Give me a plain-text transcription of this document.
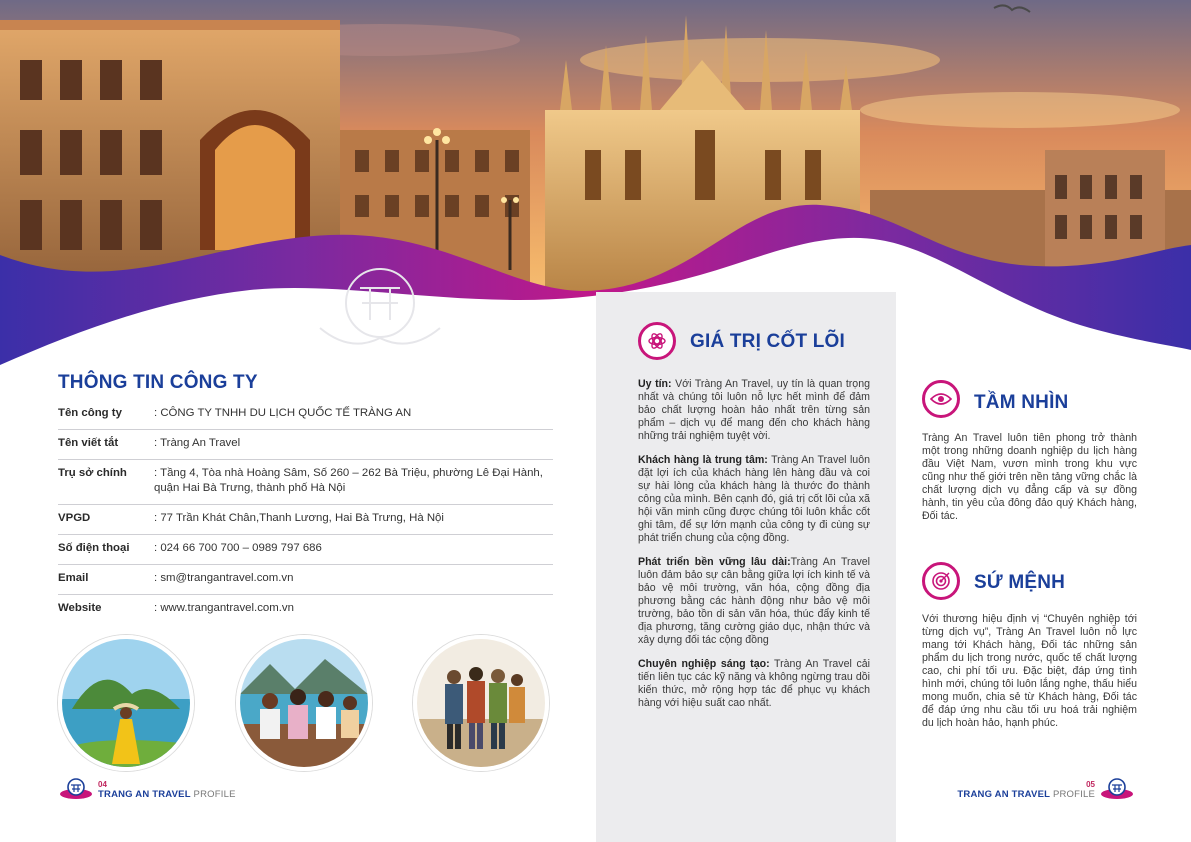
THÔNG TIN CÔNG TY
Tên công ty	: CÔNG TY TNHH DU LỊCH QUỐC TẾ TRÀNG AN
Tên viết tắt	: Tràng An Travel
Trụ sở chính	: Tầng 4, Tòa nhà Hoàng Sâm, Số 260 – 262 Bà Triệu, phường Lê Đại Hành, quận Hai Bà Trưng, thành phố Hà Nội
VPGD	: 77 Trần Khát Chân,Thanh Lương, Hai Bà Trưng, Hà Nội
Số điện thoại	: 024 66 700 700 – 0989 797 686
Email	: sm@trangantravel.com.vn
Website	: www.trangantravel.com.vn
04
TRANG AN TRAVEL PROFILE
GIÁ TRỊ CỐT LÕI

Uy tín: Với Tràng An Travel, uy tín là quan trọng nhất và chúng tôi luôn nỗ lực hết mình để đảm bảo chất lượng hoàn hảo nhất trên từng sản phẩm – dịch vụ để mang đến cho khách hàng những trải nghiệm tuyệt vời.

Khách hàng là trung tâm: Tràng An Travel luôn đặt lợi ích của khách hàng lên hàng đầu và coi sự hài lòng của khách hàng là thước đo thành công của mình. Bên cạnh đó, giá trị cốt lõi của xã hội văn minh cũng được chúng tôi luôn khắc cốt ghi tâm, để sự lớn mạnh của công ty đi cùng sự phát triển chung của cộng đồng.

Phát triển bền vững lâu dài:Tràng An Travel luôn đảm bảo sự cân bằng giữa lợi ích kinh tế và bảo vệ môi trường, văn hóa, cộng đồng địa phương bằng các hành động như bảo vệ môi trường, bảo tồn di sản văn hóa, thúc đẩy kinh tế địa phương, tăng cường giáo dục, nhận thức và xây dựng đối tác cộng đồng

Chuyên nghiệp sáng tạo: Tràng An Travel cải tiến liên tục các kỹ năng và không ngừng trau dồi kiến thức, mở rộng hợp tác để phục vụ khách hàng với hiệu suất cao nhất.

TẦM NHÌN
Tràng An Travel luôn tiên phong trở thành một trong những doanh nghiệp du lịch hàng đầu Việt Nam, vươn mình trong khu vực cũng như thế giới trên nền tảng vững chắc là chất lượng dịch vụ đẳng cấp và sự đồng hành, tin yêu của đông đảo quý Khách hàng, Đối tác.
SỨ MỆNH
Với thương hiệu định vị “Chuyên nghiệp tới từng dịch vụ”, Tràng An Travel luôn nỗ lực mang tới Khách hàng, Đối tác những sản phẩm du lịch trong nước, quốc tế chất lượng cao, chi phí tối ưu. Đặc biệt, đáp ứng tình hình mới, chúng tôi luôn lắng nghe, thấu hiểu mong muốn, chia sẻ từ Khách hàng, Đối tác để đáp ứng nhu cầu tối ưu hoá trải nghiệm du lịch hoàn hảo, hạnh phúc.
05
TRANG AN TRAVEL PROFILE
